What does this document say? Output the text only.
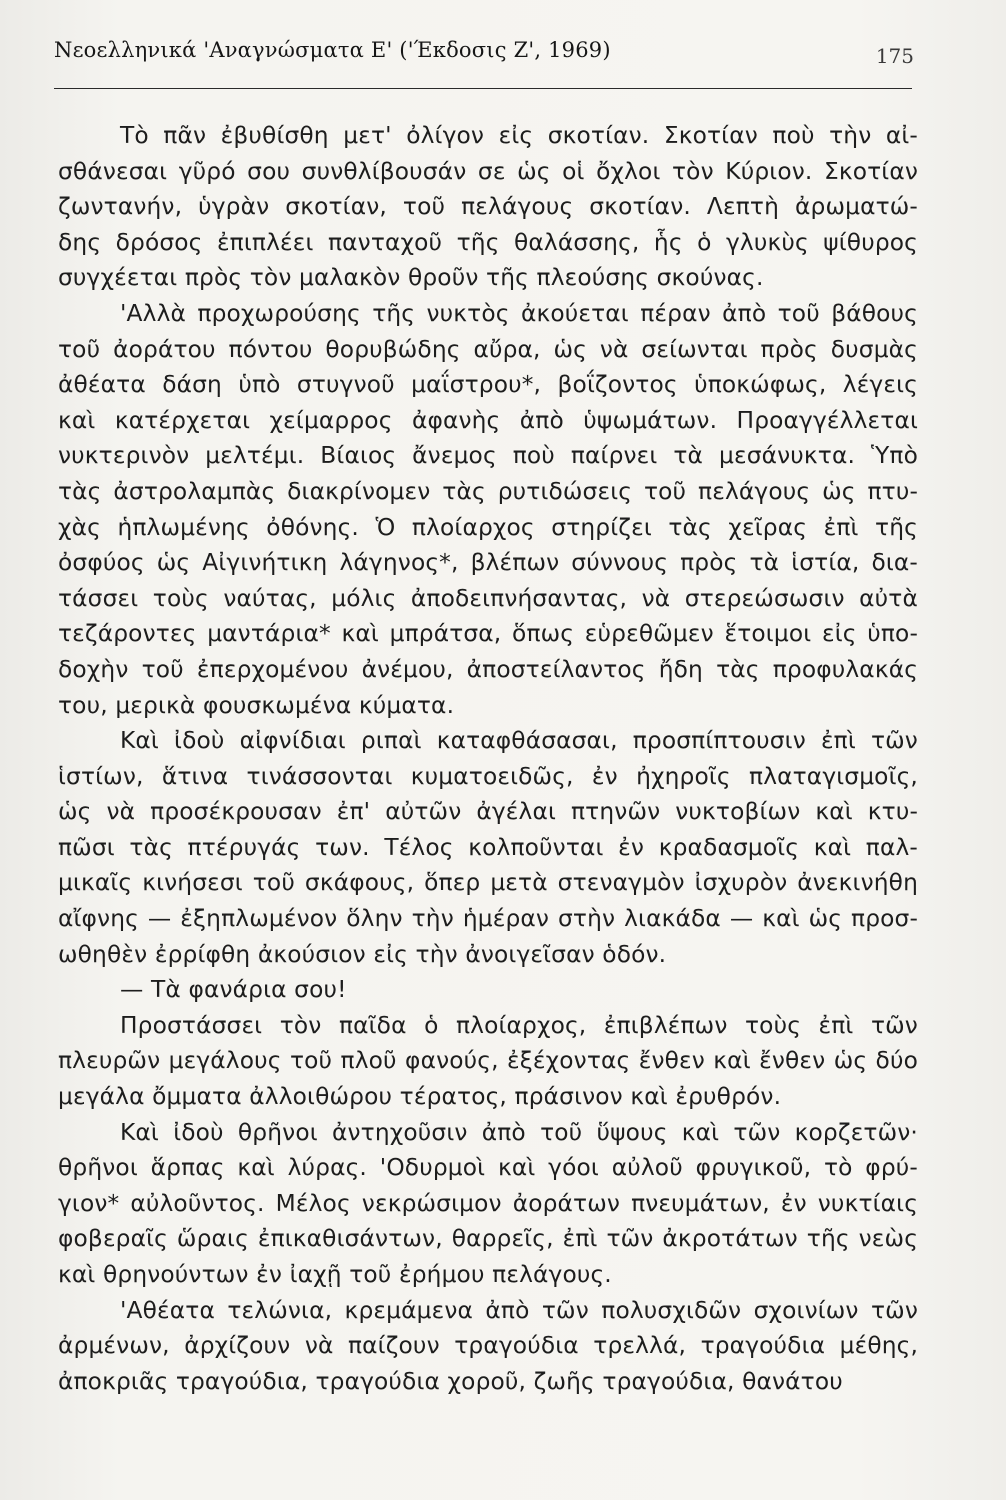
Νεοελληνικά 'Αναγνώσματα Ε' ('Έκδοσις Ζ', 1969)	175
Τὸ πᾶν ἐβυθίσθη μετ' ὀλίγον εἰς σκοτίαν. Σκοτίαν ποὺ τὴν αἰ-
σθάνεσαι γῦρό σου συνθλίβουσάν σε ὡς οἱ ὄχλοι τὸν Κύριον. Σκοτίαν
ζωντανήν, ὑγρὰν σκοτίαν, τοῦ πελάγους σκοτίαν. Λεπτὴ ἀρωματώ-
δης δρόσος ἐπιπλέει πανταχοῦ τῆς θαλάσσης, ἧς ὁ γλυκὺς ψίθυρος
συγχέεται πρὸς τὸν μαλακὸν θροῦν τῆς πλεούσης σκούνας.
'Αλλὰ προχωρούσης τῆς νυκτὸς ἀκούεται πέραν ἀπὸ τοῦ βάθους
τοῦ ἀοράτου πόντου θορυβώδης αὔρα, ὡς νὰ σείωνται πρὸς δυσμὰς
ἀθέατα δάση ὑπὸ στυγνοῦ μαΐστρου*, βοΐζοντος ὑποκώφως, λέγεις
καὶ κατέρχεται χείμαρρος ἀφανὴς ἀπὸ ὑψωμάτων. Προαγγέλλεται
νυκτερινὸν μελτέμι. Βίαιος ἄνεμος ποὺ παίρνει τὰ μεσάνυκτα. Ὑπὸ
τὰς ἀστρολαμπὰς διακρίνομεν τὰς ρυτιδώσεις τοῦ πελάγους ὡς πτυ-
χὰς ἡπλωμένης ὀθόνης. Ὁ πλοίαρχος στηρίζει τὰς χεῖρας ἐπὶ τῆς
ὀσφύος ὡς Αἰγινήτικη λάγηνος*, βλέπων σύννους πρὸς τὰ ἱστία, δια-
τάσσει τοὺς ναύτας, μόλις ἀποδειπνήσαντας, νὰ στερεώσωσιν αὐτὰ
τεζάροντες μαντάρια* καὶ μπράτσα, ὅπως εὑρεθῶμεν ἕτοιμοι εἰς ὑπο-
δοχὴν τοῦ ἐπερχομένου ἀνέμου, ἀποστείλαντος ἤδη τὰς προφυλακάς
του, μερικὰ φουσκωμένα κύματα.
Καὶ ἰδοὺ αἰφνίδιαι ριπαὶ καταφθάσασαι, προσπίπτουσιν ἐπὶ τῶν
ἱστίων, ἅτινα τινάσσονται κυματοειδῶς, ἐν ἠχηροῖς πλαταγισμοῖς,
ὡς νὰ προσέκρουσαν ἐπ' αὐτῶν ἀγέλαι πτηνῶν νυκτοβίων καὶ κτυ-
πῶσι τὰς πτέρυγάς των. Τέλος κολποῦνται ἐν κραδασμοῖς καὶ παλ-
μικαῖς κινήσεσι τοῦ σκάφους, ὅπερ μετὰ στεναγμὸν ἰσχυρὸν ἀνεκινήθη
αἴφνης — ἐξηπλωμένον ὅλην τὴν ἡμέραν στὴν λιακάδα — καὶ ὡς προσ-
ωθηθὲν ἐρρίφθη ἀκούσιον εἰς τὴν ἀνοιγεῖσαν ὁδόν.
— Τὰ φανάρια σου!
Προστάσσει τὸν παῖδα ὁ πλοίαρχος, ἐπιβλέπων τοὺς ἐπὶ τῶν
πλευρῶν μεγάλους τοῦ πλοῦ φανούς, ἐξέχοντας ἔνθεν καὶ ἔνθεν ὡς δύο
μεγάλα ὄμματα ἀλλοιθώρου τέρατος, πράσινον καὶ ἐρυθρόν.
Καὶ ἰδοὺ θρῆνοι ἀντηχοῦσιν ἀπὸ τοῦ ὕψους καὶ τῶν κορζετῶν·
θρῆνοι ἅρπας καὶ λύρας. 'Οδυρμοὶ καὶ γόοι αὐλοῦ φρυγικοῦ, τὸ φρύ-
γιον* αὐλοῦντος. Μέλος νεκρώσιμον ἀοράτων πνευμάτων, ἐν νυκτίαις
φοβεραῖς ὥραις ἐπικαθισάντων, θαρρεῖς, ἐπὶ τῶν ἀκροτάτων τῆς νεὼς
καὶ θρηνούντων ἐν ἰαχῇ τοῦ ἐρήμου πελάγους.
'Αθέατα τελώνια, κρεμάμενα ἀπὸ τῶν πολυσχιδῶν σχοινίων τῶν
ἀρμένων, ἀρχίζουν νὰ παίζουν τραγούδια τρελλά, τραγούδια μέθης,
ἀποκριᾶς τραγούδια, τραγούδια χοροῦ, ζωῆς τραγούδια, θανάτου
